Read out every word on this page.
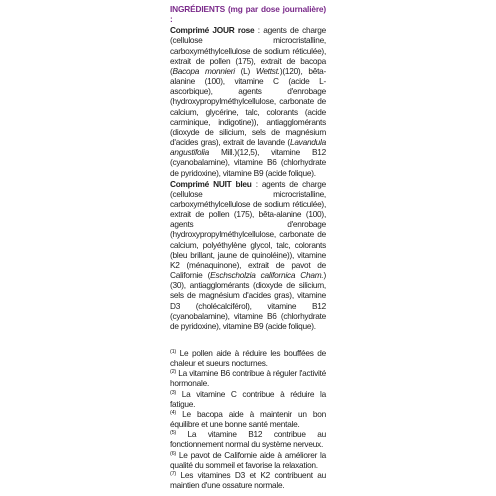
INGRÉDIENTS (mg par dose journalière) :
Comprimé JOUR rose : agents de charge (cellulose microcristalline, carboxyméthylcellulose de sodium réticulée), extrait de pollen (175), extrait de bacopa (Bacopa monnieri (L) Wettst.)(120), bêta-alanine (100), vitamine C (acide L-ascorbique), agents d'enrobage (hydroxypropylméthylcellulose, carbonate de calcium, glycérine, talc, colorants (acide carminique, indigotine)), antiagglomérants (dioxyde de silicium, sels de magnésium d'acides gras), extrait de lavande (Lavandula angustifolia Mill.)(12,5), vitamine B12 (cyanobalamine), vitamine B6 (chlorhydrate de pyridoxine), vitamine B9 (acide folique).
Comprimé NUIT bleu : agents de charge (cellulose microcristalline, carboxyméthylcellulose de sodium réticulée), extrait de pollen (175), bêta-alanine (100), agents d'enrobage (hydroxypropylméthylcellulose, carbonate de calcium, polyéthylène glycol, talc, colorants (bleu brillant, jaune de quinoléine)), vitamine K2 (ménaquinone), extrait de pavot de Californie (Eschscholzia californica Cham.) (30), antiagglomérants (dioxyde de silicium, sels de magnésium d'acides gras), vitamine D3 (cholécalciférol), vitamine B12 (cyanobalamine), vitamine B6 (chlorhydrate de pyridoxine), vitamine B9 (acide folique).
$^{(1)}$ Le pollen aide à réduire les bouffées de chaleur et sueurs nocturnes.
$^{(2)}$ La vitamine B6 contribue à réguler l'activité hormonale.
$^{(3)}$ La vitamine C contribue à réduire la fatigue.
$^{(4)}$ Le bacopa aide à maintenir un bon équilibre et une bonne santé mentale.
$^{(5)}$ La vitamine B12 contribue au fonctionnement normal du système nerveux.
$^{(6)}$ Le pavot de Californie aide à améliorer la qualité du sommeil et favorise la relaxation.
$^{(7)}$ Les vitamines D3 et K2 contribuent au maintien d'une ossature normale.
